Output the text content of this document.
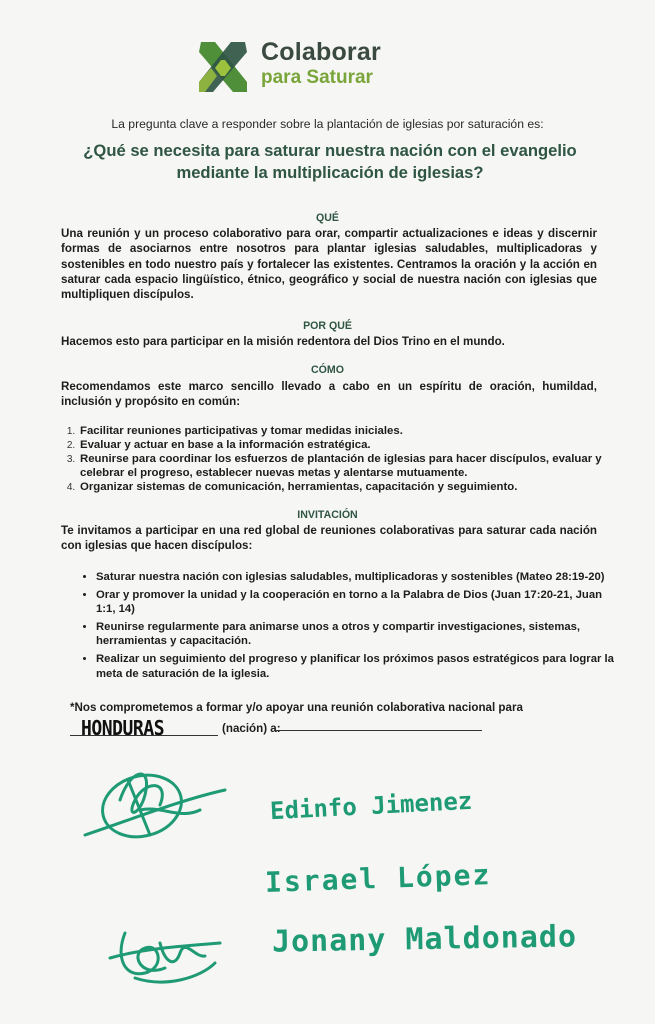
Colaborar
para Saturar
La pregunta clave a responder sobre la plantación de iglesias por saturación es:
¿Qué se necesita para saturar nuestra nación con el evangelio mediante la multiplicación de iglesias?
QUÉ
Una reunión y un proceso colaborativo para orar, compartir actualizaciones e ideas y discernir formas de asociarnos entre nosotros para plantar iglesias saludables, multiplicadoras y sostenibles en todo nuestro país y fortalecer las existentes. Centramos la oración y la acción en saturar cada espacio lingüístico, étnico, geográfico y social de nuestra nación con iglesias que multipliquen discípulos.
POR QUÉ
Hacemos esto para participar en la misión redentora del Dios Trino en el mundo.
CÓMO
Recomendamos este marco sencillo llevado a cabo en un espíritu de oración, humildad, inclusión y propósito en común:
1. Facilitar reuniones participativas y tomar medidas iniciales.
2. Evaluar y actuar en base a la información estratégica.
3. Reunirse para coordinar los esfuerzos de plantación de iglesias para hacer discípulos, evaluar y celebrar el progreso, establecer nuevas metas y alentarse mutuamente.
4. Organizar sistemas de comunicación, herramientas, capacitación y seguimiento.
INVITACIÓN
Te invitamos a participar en una red global de reuniones colaborativas para saturar cada nación con iglesias que hacen discípulos:
• Saturar nuestra nación con iglesias saludables, multiplicadoras y sostenibles (Mateo 28:19-20)
• Orar y promover la unidad y la cooperación en torno a la Palabra de Dios (Juan 17:20-21, Juan 1:1, 14)
• Reunirse regularmente para animarse unos a otros y compartir investigaciones, sistemas, herramientas y capacitación.
• Realizar un seguimiento del progreso y planificar los próximos pasos estratégicos para lograr la meta de saturación de la iglesia.
*Nos comprometemos a formar y/o apoyar una reunión colaborativa nacional para
HONDURAS	(nación) a:
Edinfo Jimenez
Israel López
Jonany Maldonado
